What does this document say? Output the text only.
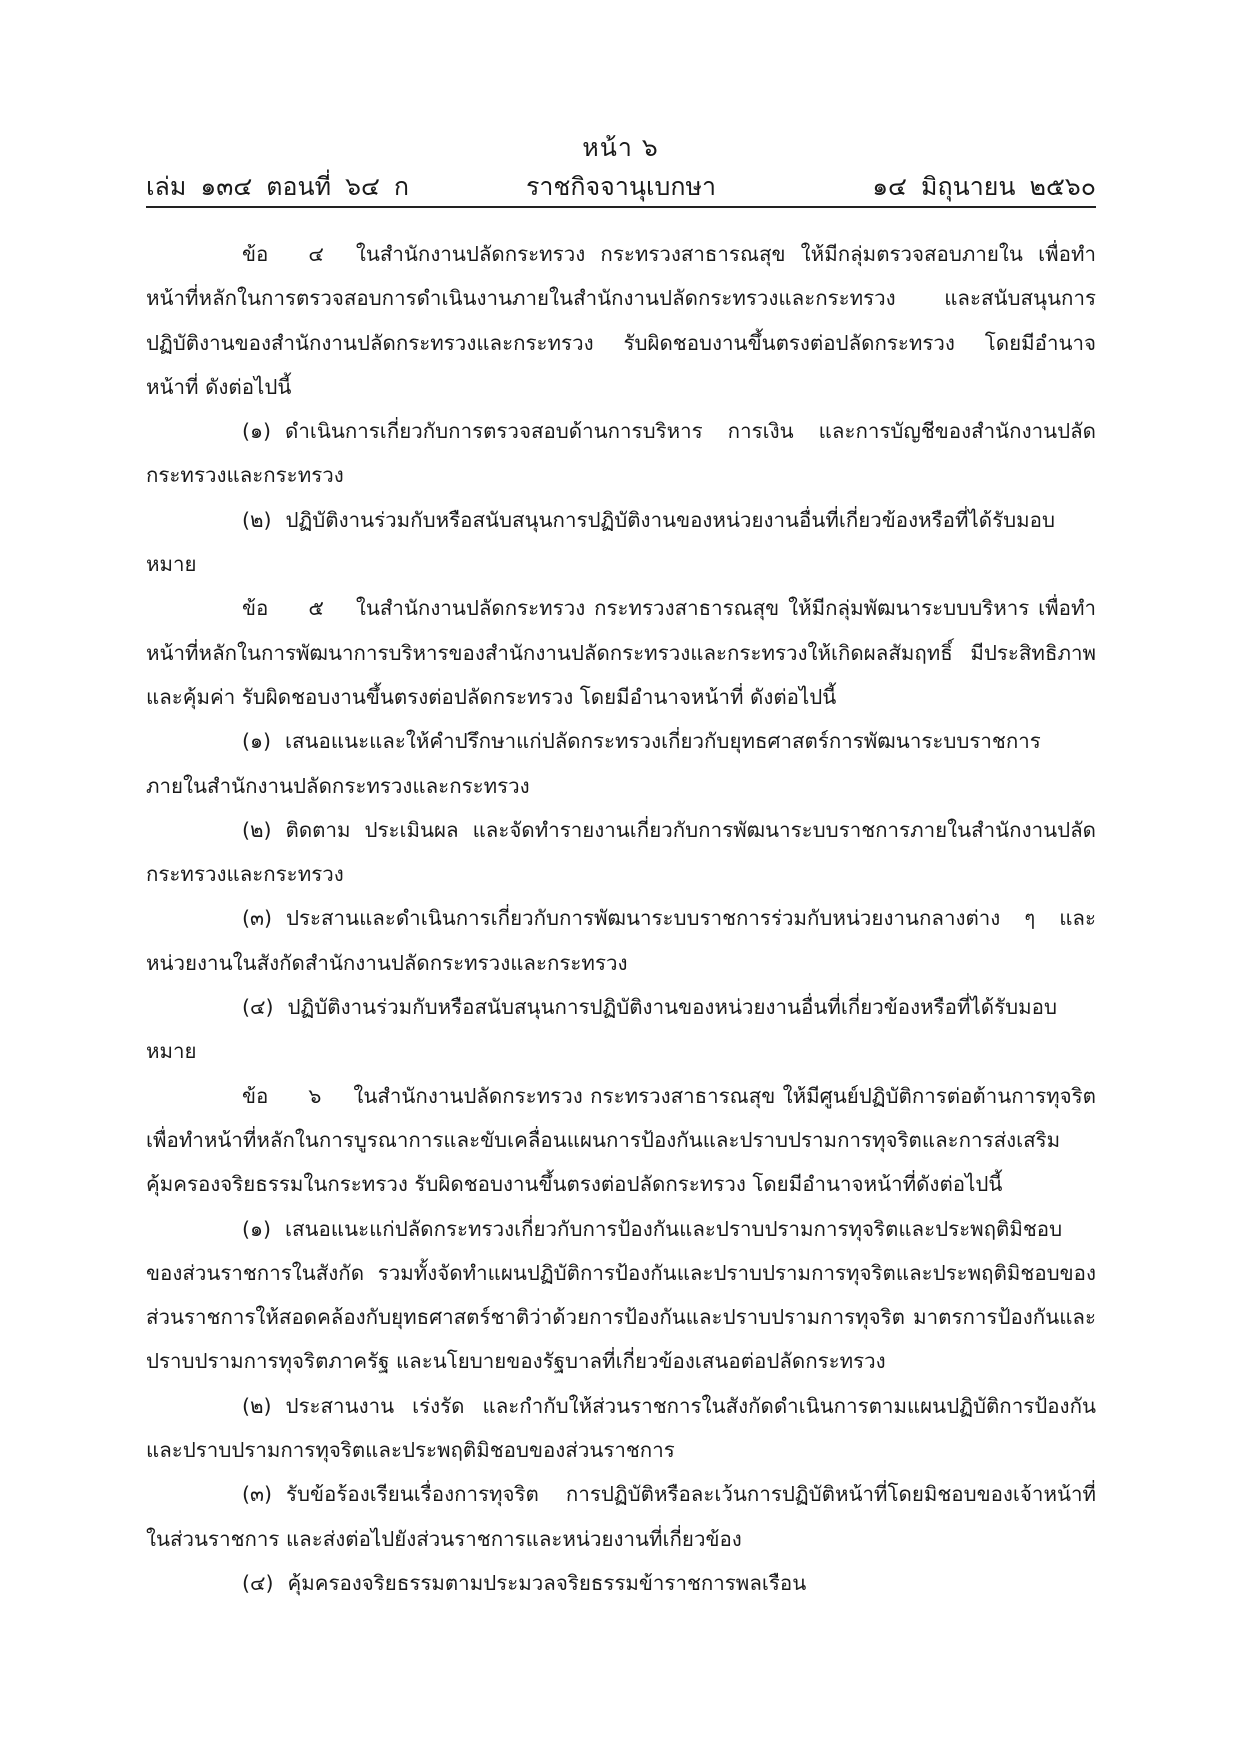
หน้า ๖
เล่ม ๑๓๔ ตอนที่ ๖๔ ก	ราชกิจจานุเบกษา	๑๔ มิถุนายน ๒๕๖๐

ข้อ ๔ ในสำนักงานปลัดกระทรวง กระทรวงสาธารณสุข ให้มีกลุ่มตรวจสอบภายใน เพื่อทำหน้าที่หลักในการตรวจสอบการดำเนินงานภายในสำนักงานปลัดกระทรวงและกระทรวง และสนับสนุนการปฏิบัติงานของสำนักงานปลัดกระทรวงและกระทรวง รับผิดชอบงานขึ้นตรงต่อปลัดกระทรวง โดยมีอำนาจหน้าที่ ดังต่อไปนี้

(๑) ดำเนินการเกี่ยวกับการตรวจสอบด้านการบริหาร การเงิน และการบัญชีของสำนักงานปลัดกระทรวงและกระทรวง

(๒) ปฏิบัติงานร่วมกับหรือสนับสนุนการปฏิบัติงานของหน่วยงานอื่นที่เกี่ยวข้องหรือที่ได้รับมอบหมาย

ข้อ ๕ ในสำนักงานปลัดกระทรวง กระทรวงสาธารณสุข ให้มีกลุ่มพัฒนาระบบบริหาร เพื่อทำหน้าที่หลักในการพัฒนาการบริหารของสำนักงานปลัดกระทรวงและกระทรวงให้เกิดผลสัมฤทธิ์ มีประสิทธิภาพ และคุ้มค่า รับผิดชอบงานขึ้นตรงต่อปลัดกระทรวง โดยมีอำนาจหน้าที่ ดังต่อไปนี้

(๑) เสนอแนะและให้คำปรึกษาแก่ปลัดกระทรวงเกี่ยวกับยุทธศาสตร์การพัฒนาระบบราชการภายในสำนักงานปลัดกระทรวงและกระทรวง

(๒) ติดตาม ประเมินผล และจัดทำรายงานเกี่ยวกับการพัฒนาระบบราชการภายในสำนักงานปลัดกระทรวงและกระทรวง

(๓) ประสานและดำเนินการเกี่ยวกับการพัฒนาระบบราชการร่วมกับหน่วยงานกลางต่าง ๆ และหน่วยงานในสังกัดสำนักงานปลัดกระทรวงและกระทรวง

(๔) ปฏิบัติงานร่วมกับหรือสนับสนุนการปฏิบัติงานของหน่วยงานอื่นที่เกี่ยวข้องหรือที่ได้รับมอบหมาย

ข้อ ๖ ในสำนักงานปลัดกระทรวง กระทรวงสาธารณสุข ให้มีศูนย์ปฏิบัติการต่อต้านการทุจริต เพื่อทำหน้าที่หลักในการบูรณาการและขับเคลื่อนแผนการป้องกันและปราบปรามการทุจริตและการส่งเสริมคุ้มครองจริยธรรมในกระทรวง รับผิดชอบงานขึ้นตรงต่อปลัดกระทรวง โดยมีอำนาจหน้าที่ดังต่อไปนี้

(๑) เสนอแนะแก่ปลัดกระทรวงเกี่ยวกับการป้องกันและปราบปรามการทุจริตและประพฤติมิชอบของส่วนราชการในสังกัด รวมทั้งจัดทำแผนปฏิบัติการป้องกันและปราบปรามการทุจริตและประพฤติมิชอบของส่วนราชการให้สอดคล้องกับยุทธศาสตร์ชาติว่าด้วยการป้องกันและปราบปรามการทุจริต มาตรการป้องกันและปราบปรามการทุจริตภาครัฐ และนโยบายของรัฐบาลที่เกี่ยวข้องเสนอต่อปลัดกระทรวง

(๒) ประสานงาน เร่งรัด และกำกับให้ส่วนราชการในสังกัดดำเนินการตามแผนปฏิบัติการป้องกันและปราบปรามการทุจริตและประพฤติมิชอบของส่วนราชการ

(๓) รับข้อร้องเรียนเรื่องการทุจริต การปฏิบัติหรือละเว้นการปฏิบัติหน้าที่โดยมิชอบของเจ้าหน้าที่ในส่วนราชการ และส่งต่อไปยังส่วนราชการและหน่วยงานที่เกี่ยวข้อง

(๔) คุ้มครองจริยธรรมตามประมวลจริยธรรมข้าราชการพลเรือน
